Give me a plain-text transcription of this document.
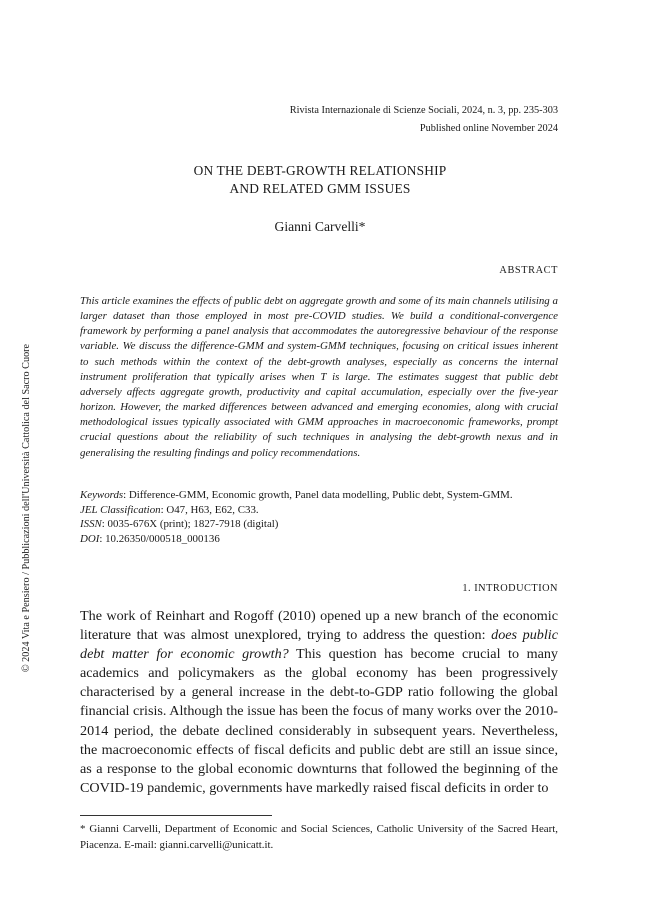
Rivista Internazionale di Scienze Sociali, 2024, n. 3, pp. 235-303
Published online November 2024
ON THE DEBT-GROWTH RELATIONSHIP
AND RELATED GMM ISSUES
Gianni Carvelli*
ABSTRACT
This article examines the effects of public debt on aggregate growth and some of its main channels utilising a larger dataset than those employed in most pre-COVID studies. We build a conditional-convergence framework by performing a panel analysis that accommodates the autoregressive behaviour of the response variable. We discuss the difference-GMM and system-GMM techniques, focusing on critical issues inherent to such methods within the context of the debt-growth analyses, especially as concerns the internal instrument proliferation that typically arises when T is large. The estimates suggest that public debt adversely affects aggregate growth, productivity and capital accumulation, especially over the five-year horizon. However, the marked differences between advanced and emerging economies, along with crucial methodological issues typically associated with GMM approaches in macroeconomic frameworks, prompt crucial questions about the reliability of such techniques in analysing the debt-growth nexus and in generalising the resulting findings and policy recommendations.
Keywords: Difference-GMM, Economic growth, Panel data modelling, Public debt, System-GMM.
JEL Classification: O47, H63, E62, C33.
ISSN: 0035-676X (print); 1827-7918 (digital)
DOI: 10.26350/000518_000136
1. INTRODUCTION
The work of Reinhart and Rogoff (2010) opened up a new branch of the economic literature that was almost unexplored, trying to address the question: does public debt matter for economic growth? This question has become crucial to many academics and policymakers as the global economy has been progressively characterised by a general increase in the debt-to-GDP ratio following the global financial crisis. Although the issue has been the focus of many works over the 2010-2014 period, the debate declined considerably in subsequent years. Nevertheless, the macroeconomic effects of fiscal deficits and public debt are still an issue since, as a response to the global economic downturns that followed the beginning of the COVID-19 pandemic, governments have markedly raised fiscal deficits in order to
* Gianni Carvelli, Department of Economic and Social Sciences, Catholic University of the Sacred Heart, Piacenza. E-mail: gianni.carvelli@unicatt.it.
© 2024 Vita e Pensiero / Pubblicazioni dell'Università Cattolica del Sacro Cuore
